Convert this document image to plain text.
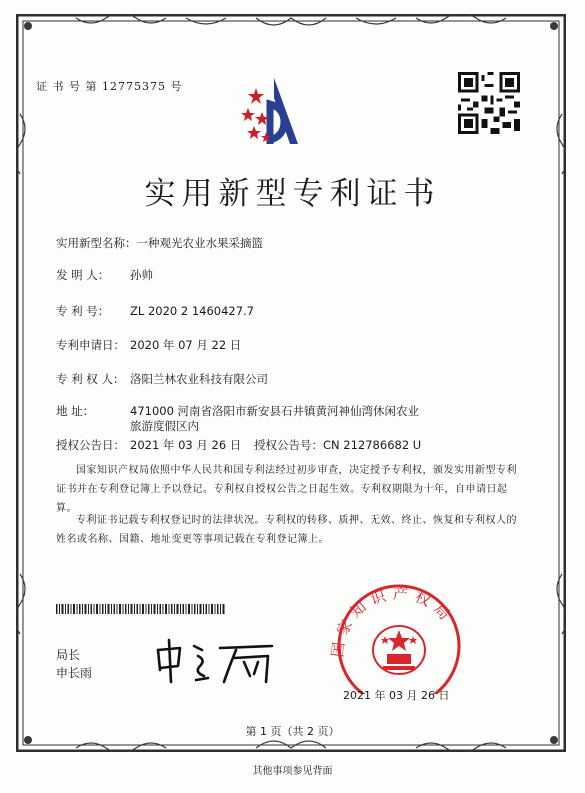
证 书 号 第 12775375 号
实用新型专利证书
实用新型名称：一种观光农业水果采摘篮
发 明 人： 孙帅
专 利 号： ZL 2020 2 1460427.7
专利申请日： 2020 年 07 月 22 日
专 利 权 人： 洛阳兰林农业科技有限公司
地 址：	471000 河南省洛阳市新安县石井镇黄河神仙湾休闲农业旅游度假区内
授权公告日： 2021 年 03 月 26 日 授权公告号：CN 212786682 U
国家知识产权局依照中华人民共和国专利法经过初步审查，决定授予专利权，颁发实用新型专利证书并在专利登记簿上予以登记。专利权自授权公告之日起生效。专利权期限为十年，自申请日起算。
专利证书记载专利权登记时的法律状况。专利权的转移、质押、无效、终止、恢复和专利权人的姓名或名称、国籍、地址变更等事项记载在专利登记簿上。
局长
申长雨
国家知识产权局
2021 年 03 月 26 日
第 1 页（共 2 页）
其他事项参见背面
